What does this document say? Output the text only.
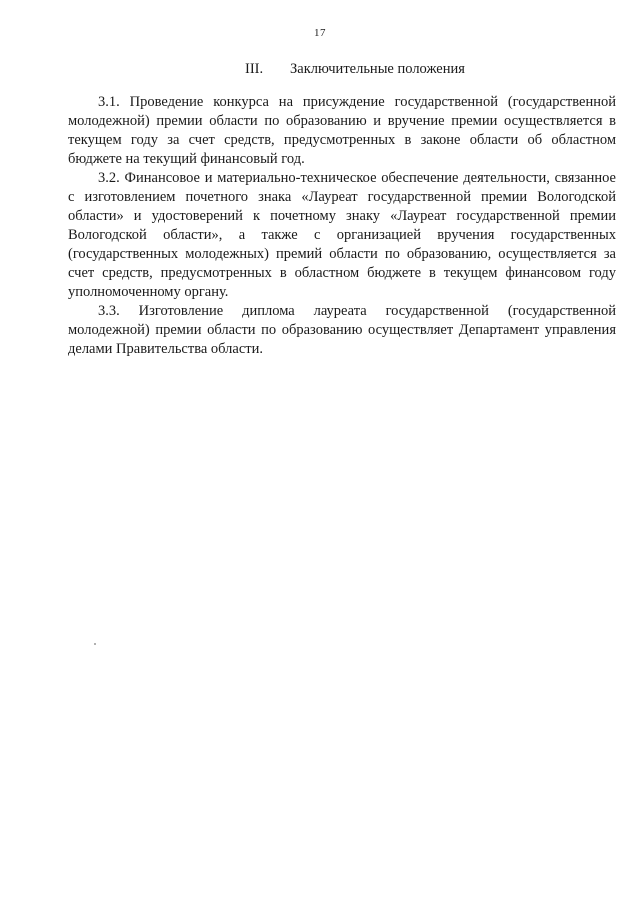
17
III. Заключительные положения

3.1. Проведение конкурса на присуждение государственной (государственной молодежной) премии области по образованию и вручение премии осуществляется в текущем году за счет средств, предусмотренных в законе области об областном бюджете на текущий финансовый год.

3.2. Финансовое и материально-техническое обеспечение деятельности, связанное с изготовлением почетного знака «Лауреат государственной премии Вологодской области» и удостоверений к почетному знаку «Лауреат государственной премии Вологодской области», а также с организацией вручения государственных (государственных молодежных) премий области по образованию, осуществляется за счет средств, предусмотренных в областном бюджете в текущем финансовом году уполномоченному органу.

3.3. Изготовление диплома лауреата государственной (государственной молодежной) премии области по образованию осуществляет Департамент управления делами Правительства области.
